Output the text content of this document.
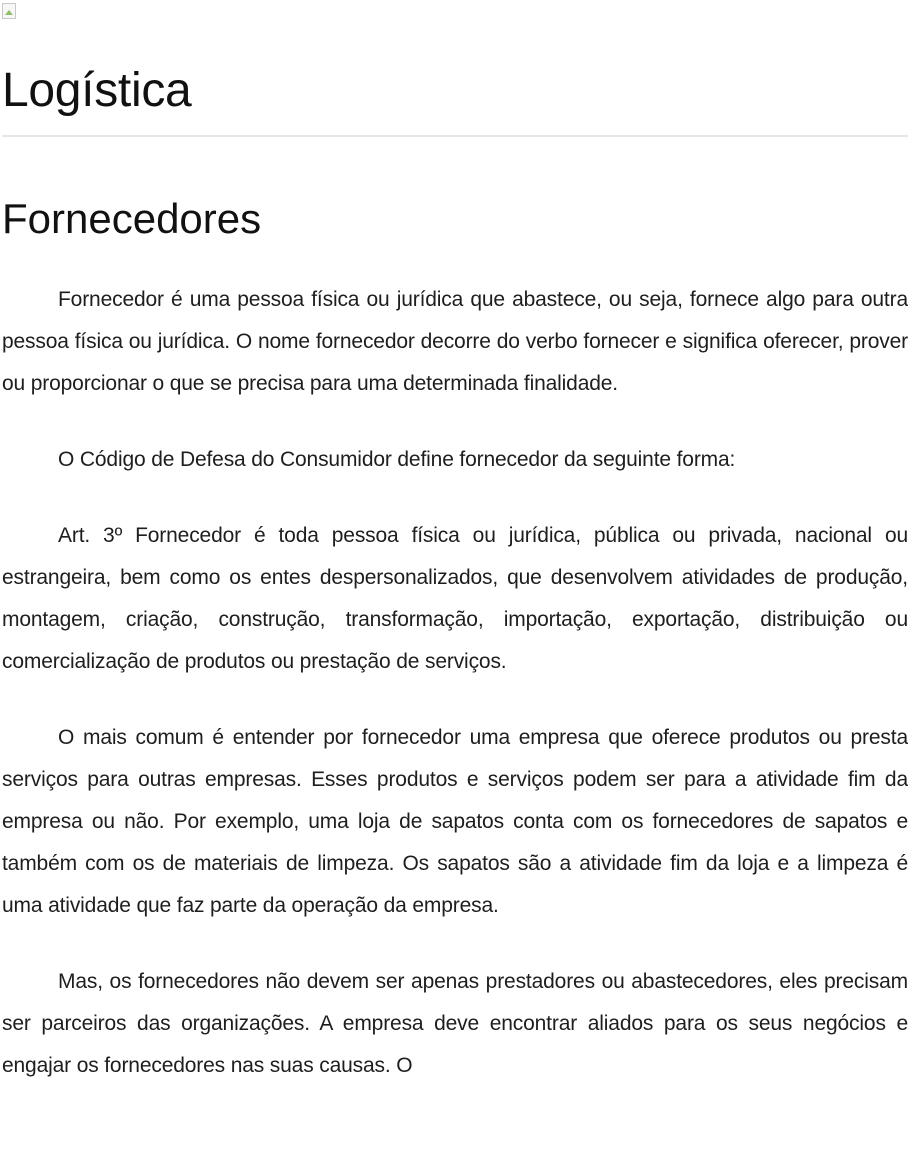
Logística
Fornecedores

Fornecedor é uma pessoa física ou jurídica que abastece, ou seja, fornece algo para outra pessoa física ou jurídica. O nome fornecedor decorre do verbo fornecer e significa oferecer, prover ou proporcionar o que se precisa para uma determinada finalidade.

O Código de Defesa do Consumidor define fornecedor da seguinte forma:

Art. 3º Fornecedor é toda pessoa física ou jurídica, pública ou privada, nacional ou estrangeira, bem como os entes despersonalizados, que desenvolvem atividades de produção, montagem, criação, construção, transformação, importação, exportação, distribuição ou comercialização de produtos ou prestação de serviços.

O mais comum é entender por fornecedor uma empresa que oferece produtos ou presta serviços para outras empresas. Esses produtos e serviços podem ser para a atividade fim da empresa ou não. Por exemplo, uma loja de sapatos conta com os fornecedores de sapatos e também com os de materiais de limpeza. Os sapatos são a atividade fim da loja e a limpeza é uma atividade que faz parte da operação da empresa.

Mas, os fornecedores não devem ser apenas prestadores ou abastecedores, eles precisam ser parceiros das organizações. A empresa deve encontrar aliados para os seus negócios e engajar os fornecedores nas suas causas. O
